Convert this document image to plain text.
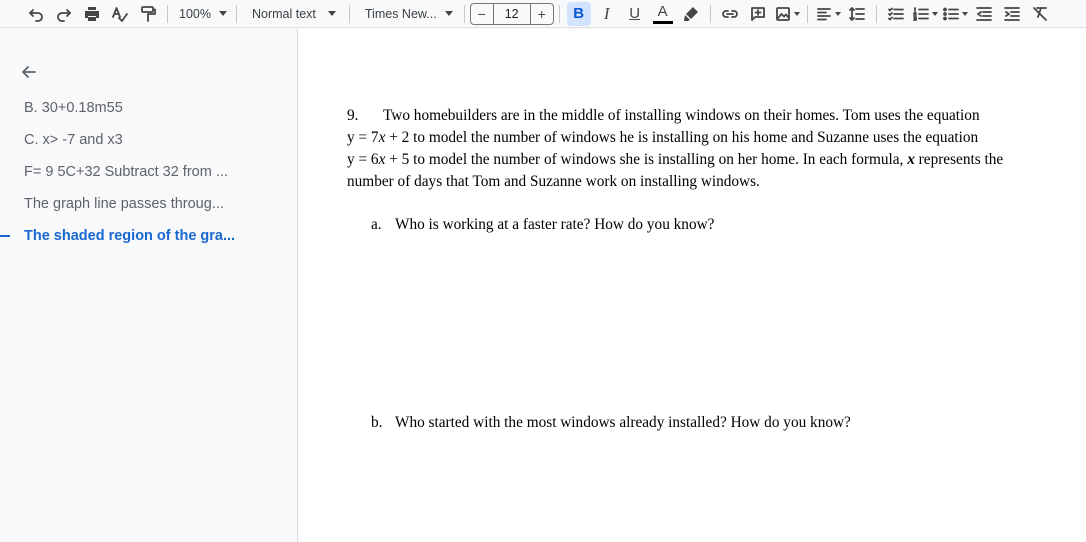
100%	Normal text	Times New...	−	12	+	B	I	U	A
B. 30+0.18m55
C. x> -7 and x3
F= 9 5C+32 Subtract 32 from ...
The graph line passes throug...
The shaded region of the gra...
9. Two homebuilders are in the middle of installing windows on their homes. Tom uses the equation
y = 7x + 2 to model the number of windows he is installing on his home and Suzanne uses the equation
y = 6x + 5 to model the number of windows she is installing on her home. In each formula, x represents the
number of days that Tom and Suzanne work on installing windows.
a. Who is working at a faster rate? How do you know?
b. Who started with the most windows already installed? How do you know?
